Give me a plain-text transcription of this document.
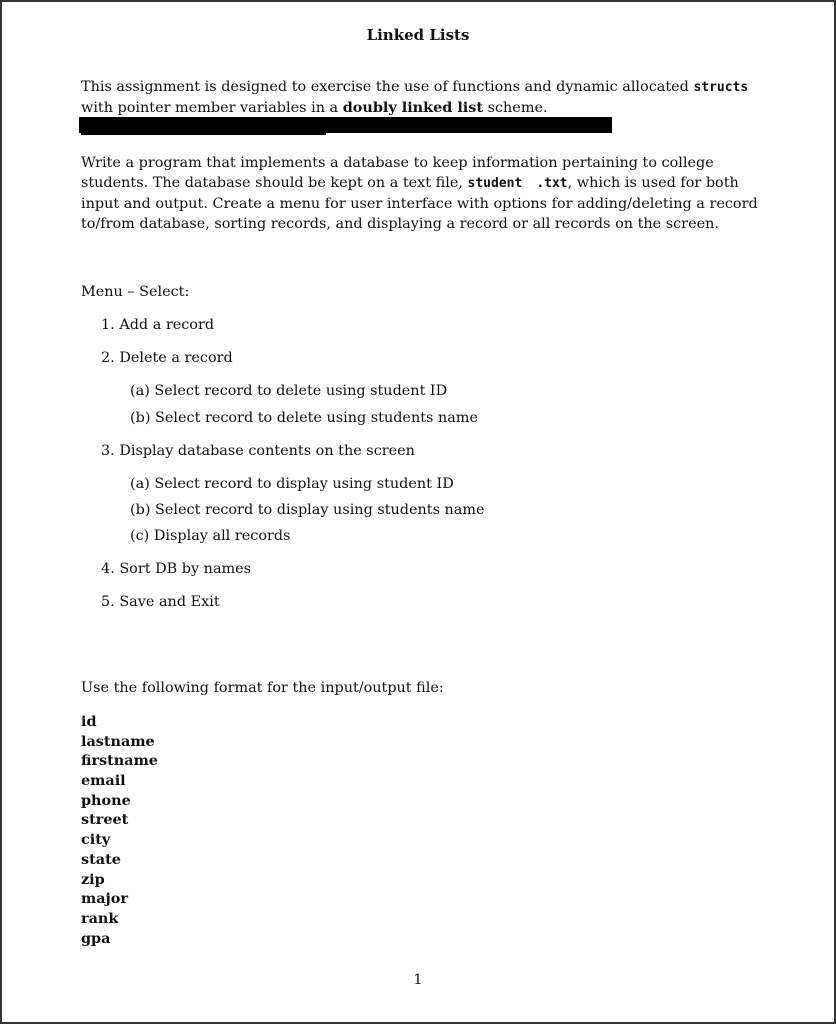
Linked Lists
This assignment is designed to exercise the use of functions and dynamic allocated structs with pointer member variables in a doubly linked list scheme.
Write a program that implements a database to keep information pertaining to college students. The database should be kept on a text file, student .txt, which is used for both input and output. Create a menu for user interface with options for adding/deleting a record to/from database, sorting records, and displaying a record or all records on the screen.
Menu – Select:
1. Add a record
2. Delete a record
(a) Select record to delete using student ID
(b) Select record to delete using students name
3. Display database contents on the screen
(a) Select record to display using student ID
(b) Select record to display using students name
(c) Display all records
4. Sort DB by names
5. Save and Exit
Use the following format for the input/output file:
id
lastname
firstname
email
phone
street
city
state
zip
major
rank
gpa
1
